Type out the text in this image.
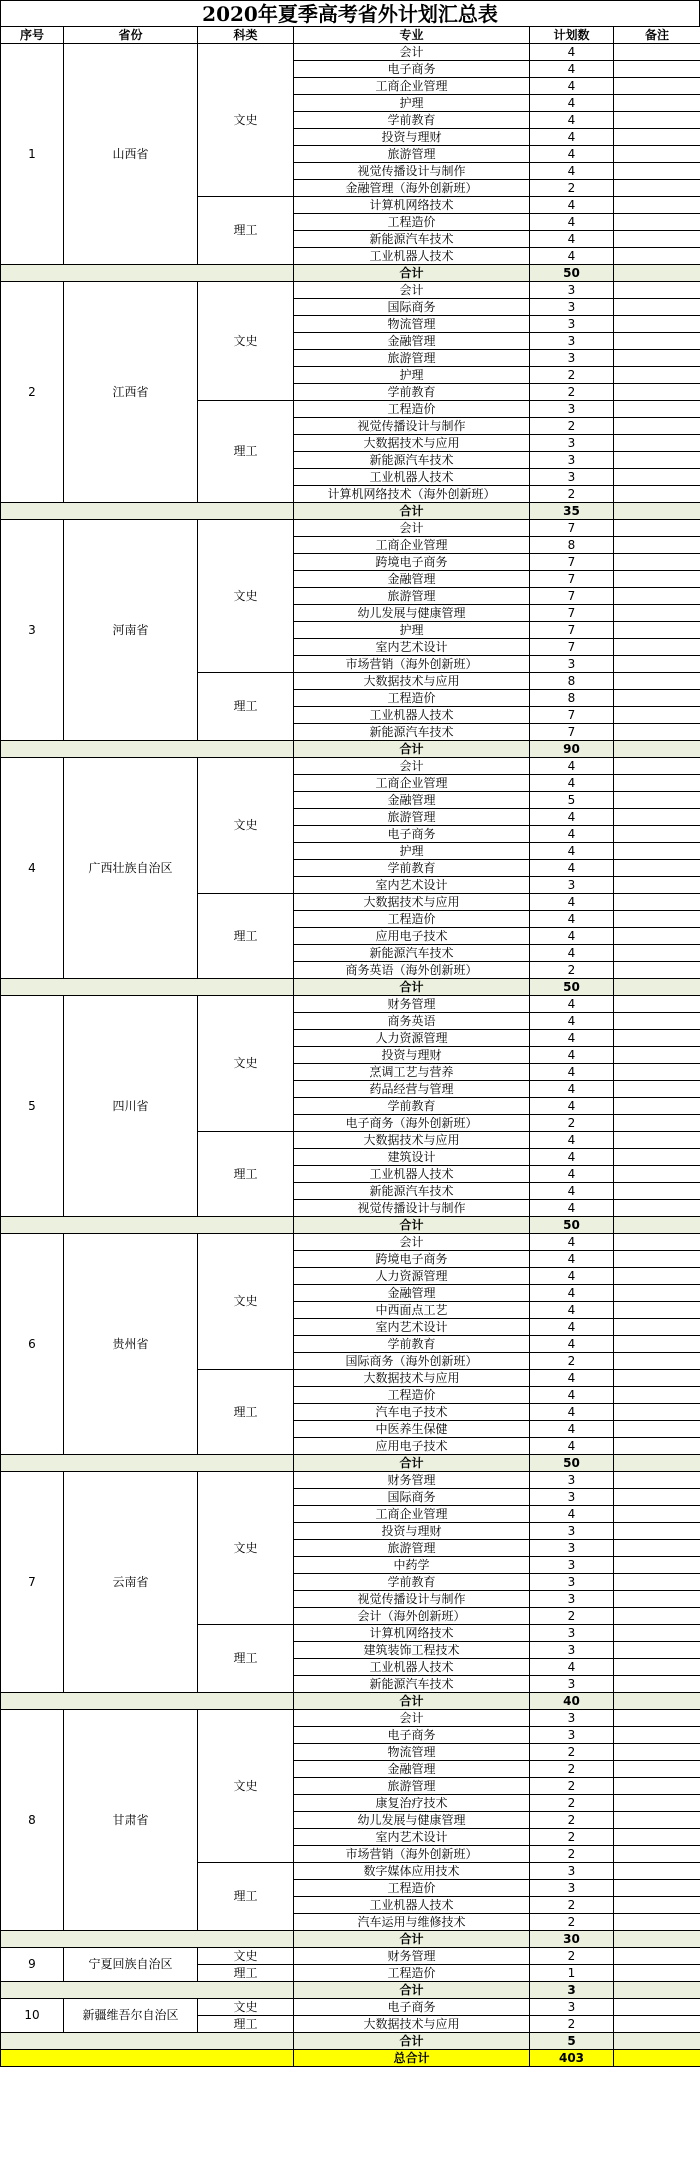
2020年夏季高考省外计划汇总表
序号	省份	科类	专业	计划数	备注
1	山西省	文史	会计	4	
			电子商务	4	
			工商企业管理	4	
			护理	4	
			学前教育	4	
			投资与理财	4	
			旅游管理	4	
			视觉传播设计与制作	4	
			金融管理（海外创新班）	2	
		理工	计算机网络技术	4	
			工程造价	4	
			新能源汽车技术	4	
			工业机器人技术	4	
			合计	50	
2	江西省	文史	会计	3	
			国际商务	3	
			物流管理	3	
			金融管理	3	
			旅游管理	3	
			护理	2	
			学前教育	2	
		理工	工程造价	3	
			视觉传播设计与制作	2	
			大数据技术与应用	3	
			新能源汽车技术	3	
			工业机器人技术	3	
			计算机网络技术（海外创新班）	2	
			合计	35	
3	河南省	文史	会计	7	
			工商企业管理	8	
			跨境电子商务	7	
			金融管理	7	
			旅游管理	7	
			幼儿发展与健康管理	7	
			护理	7	
			室内艺术设计	7	
			市场营销（海外创新班）	3	
		理工	大数据技术与应用	8	
			工程造价	8	
			工业机器人技术	7	
			新能源汽车技术	7	
			合计	90	
4	广西壮族自治区	文史	会计	4	
			工商企业管理	4	
			金融管理	5	
			旅游管理	4	
			电子商务	4	
			护理	4	
			学前教育	4	
			室内艺术设计	3	
		理工	大数据技术与应用	4	
			工程造价	4	
			应用电子技术	4	
			新能源汽车技术	4	
			商务英语（海外创新班）	2	
			合计	50	
5	四川省	文史	财务管理	4	
			商务英语	4	
			人力资源管理	4	
			投资与理财	4	
			烹调工艺与营养	4	
			药品经营与管理	4	
			学前教育	4	
			电子商务（海外创新班）	2	
		理工	大数据技术与应用	4	
			建筑设计	4	
			工业机器人技术	4	
			新能源汽车技术	4	
			视觉传播设计与制作	4	
			合计	50	
6	贵州省	文史	会计	4	
			跨境电子商务	4	
			人力资源管理	4	
			金融管理	4	
			中西面点工艺	4	
			室内艺术设计	4	
			学前教育	4	
			国际商务（海外创新班）	2	
		理工	大数据技术与应用	4	
			工程造价	4	
			汽车电子技术	4	
			中医养生保健	4	
			应用电子技术	4	
			合计	50	
7	云南省	文史	财务管理	3	
			国际商务	3	
			工商企业管理	4	
			投资与理财	3	
			旅游管理	3	
			中药学	3	
			学前教育	3	
			视觉传播设计与制作	3	
			会计（海外创新班）	2	
		理工	计算机网络技术	3	
			建筑装饰工程技术	3	
			工业机器人技术	4	
			新能源汽车技术	3	
			合计	40	
8	甘肃省	文史	会计	3	
			电子商务	3	
			物流管理	2	
			金融管理	2	
			旅游管理	2	
			康复治疗技术	2	
			幼儿发展与健康管理	2	
			室内艺术设计	2	
			市场营销（海外创新班）	2	
		理工	数字媒体应用技术	3	
			工程造价	3	
			工业机器人技术	2	
			汽车运用与维修技术	2	
			合计	30	
9	宁夏回族自治区	文史	财务管理	2	
		理工	工程造价	1	
			合计	3	
10	新疆维吾尔自治区	文史	电子商务	3	
		理工	大数据技术与应用	2	
			合计	5	
			总合计	403	
